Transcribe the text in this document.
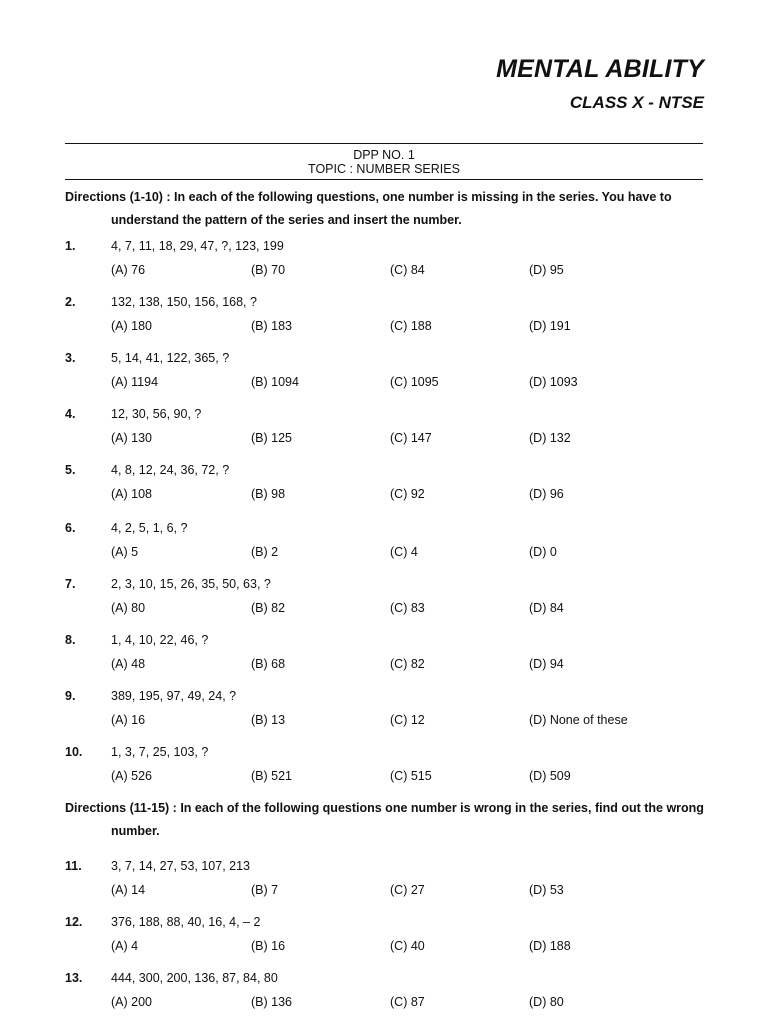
MENTAL ABILITY
CLASS X - NTSE
DPP NO. 1
TOPIC : NUMBER SERIES
Directions (1-10) : In each of the following questions, one number is missing in the series. You have to
understand the pattern of the series and insert the number.
1.	4, 7, 11, 18, 29, 47, ?, 123, 199
(A) 76	(B) 70	(C) 84	(D) 95
2.	132, 138, 150, 156, 168, ?
(A) 180	(B) 183	(C) 188	(D) 191
3.	5, 14, 41, 122, 365, ?
(A) 1194	(B) 1094	(C) 1095	(D) 1093
4.	12, 30, 56, 90, ?
(A) 130	(B) 125	(C) 147	(D) 132
5.	4, 8, 12, 24, 36, 72, ?
(A) 108	(B) 98	(C) 92	(D) 96
6.	4, 2, 5, 1, 6, ?
(A) 5	(B) 2	(C) 4	(D) 0
7.	2, 3, 10, 15, 26, 35, 50, 63, ?
(A) 80	(B) 82	(C) 83	(D) 84
8.	1, 4, 10, 22, 46, ?
(A) 48	(B) 68	(C) 82	(D) 94
9.	389, 195, 97, 49, 24, ?
(A) 16	(B) 13	(C) 12	(D) None of these
10. 1, 3, 7, 25, 103, ?
(A) 526	(B) 521	(C) 515	(D) 509
Directions (11-15) : In each of the following questions one number is wrong in the series, find out the wrong
number.
11. 3, 7, 14, 27, 53, 107, 213
(A) 14	(B) 7	(C) 27	(D) 53
12. 376, 188, 88, 40, 16, 4, – 2
(A) 4	(B) 16	(C) 40	(D) 188
13. 444, 300, 200, 136, 87, 84, 80
(A) 200	(B) 136	(C) 87	(D) 80
